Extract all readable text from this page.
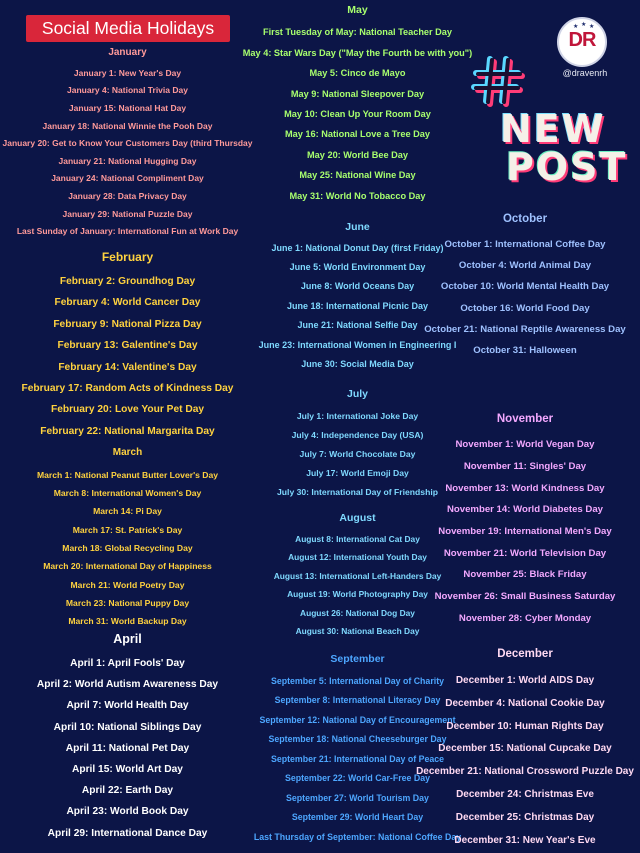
Social Media Holidays	★ ★ ★
DR
@dravenrh
NEW
POST
January
January 1: New Year's Day
January 4: National Trivia Day
January 15: National Hat Day
January 18: National Winnie the Pooh Day
January 20: Get to Know Your Customers Day (third Thursday
January 21: National Hugging Day
January 24: National Compliment Day
January 28: Data Privacy Day
January 29: National Puzzle Day
Last Sunday of January: International Fun at Work Day
February
February 2: Groundhog Day
February 4: World Cancer Day
February 9: National Pizza Day
February 13: Galentine's Day
February 14: Valentine's Day
February 17: Random Acts of Kindness Day
February 20: Love Your Pet Day
February 22: National Margarita Day
March
March 1: National Peanut Butter Lover's Day
March 8: International Women's Day
March 14: Pi Day
March 17: St. Patrick's Day
March 18: Global Recycling Day
March 20: International Day of Happiness
March 21: World Poetry Day
March 23: National Puppy Day
March 31: World Backup Day
April
April 1: April Fools' Day
April 2: World Autism Awareness Day
April 7: World Health Day
April 10: National Siblings Day
April 11: National Pet Day
April 15: World Art Day
April 22: Earth Day
April 23: World Book Day
April 29: International Dance Day
May
First Tuesday of May: National Teacher Day
May 4: Star Wars Day ("May the Fourth be with you")
May 5: Cinco de Mayo
May 9: National Sleepover Day
May 10: Clean Up Your Room Day
May 16: National Love a Tree Day
May 20: World Bee Day
May 25: National Wine Day
May 31: World No Tobacco Day
June
June 1: National Donut Day (first Friday)
June 5: World Environment Day
June 8: World Oceans Day
June 18: International Picnic Day
June 21: National Selfie Day
June 23: International Women in Engineering I
June 30: Social Media Day
July
July 1: International Joke Day
July 4: Independence Day (USA)
July 7: World Chocolate Day
July 17: World Emoji Day
July 30: International Day of Friendship
August
August 8: International Cat Day
August 12: International Youth Day
August 13: International Left-Handers Day
August 19: World Photography Day
August 26: National Dog Day
August 30: National Beach Day
September
September 5: International Day of Charity
September 8: International Literacy Day
September 12: National Day of Encouragement
September 18: National Cheeseburger Day
September 21: International Day of Peace
September 22: World Car-Free Day
September 27: World Tourism Day
September 29: World Heart Day
Last Thursday of September: National Coffee Day
October
October 1: International Coffee Day
October 4: World Animal Day
October 10: World Mental Health Day
October 16: World Food Day
October 21: National Reptile Awareness Day
October 31: Halloween
November
November 1: World Vegan Day
November 11: Singles' Day
November 13: World Kindness Day
November 14: World Diabetes Day
November 19: International Men's Day
November 21: World Television Day
November 25: Black Friday
November 26: Small Business Saturday
November 28: Cyber Monday
December
December 1: World AIDS Day
December 4: National Cookie Day
December 10: Human Rights Day
December 15: National Cupcake Day
December 21: National Crossword Puzzle Day
December 24: Christmas Eve
December 25: Christmas Day
December 31: New Year's Eve
